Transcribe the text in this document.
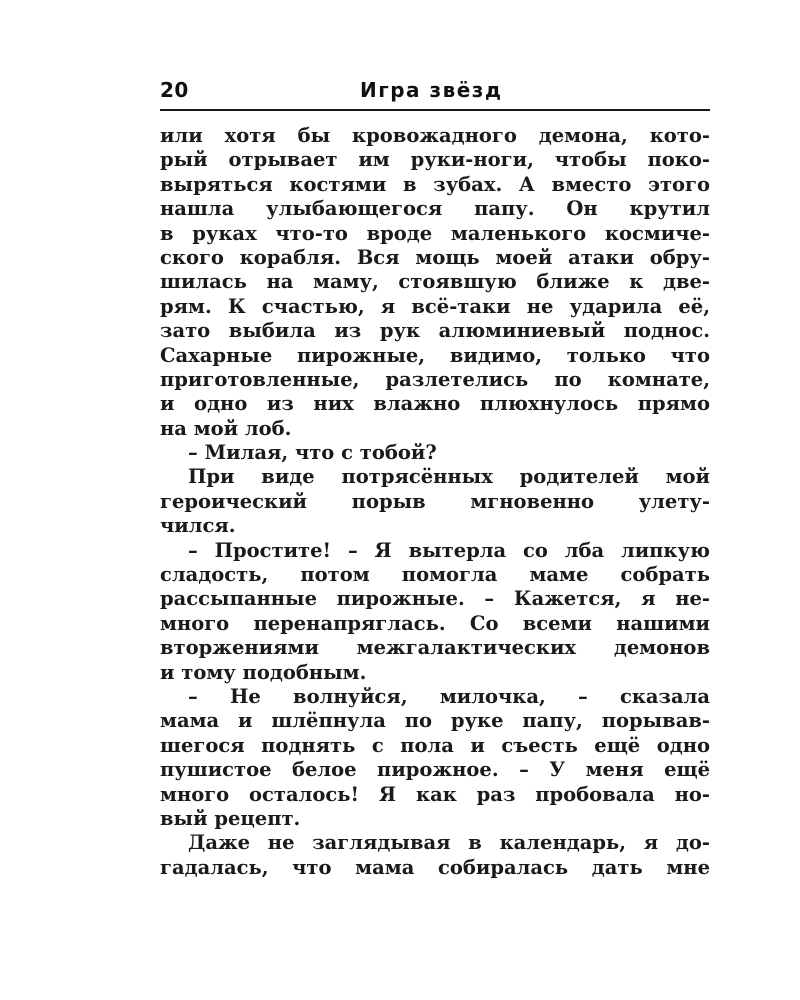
20	Игра звёзд
или хотя бы кровожадного демона, кото-
рый отрывает им руки-ноги, чтобы поко-
выряться костями в зубах. А вместо этого
нашла улыбающегося папу. Он крутил
в руках что-то вроде маленького космиче-
ского корабля. Вся мощь моей атаки обру-
шилась на маму, стоявшую ближе к две-
рям. К счастью, я всё-таки не ударила её,
зато выбила из рук алюминиевый поднос.
Сахарные пирожные, видимо, только что
приготовленные, разлетелись по комнате,
и одно из них влажно плюхнулось прямо
на мой лоб.
– Милая, что с тобой?
При виде потрясённых родителей мой
героический порыв мгновенно улету-
чился.
– Простите! – Я вытерла со лба липкую
сладость, потом помогла маме собрать
рассыпанные пирожные. – Кажется, я не-
много перенапряглась. Со всеми нашими
вторжениями межгалактических демонов
и тому подобным.
– Не волнуйся, милочка, – сказала
мама и шлёпнула по руке папу, порывав-
шегося поднять с пола и съесть ещё одно
пушистое белое пирожное. – У меня ещё
много осталось! Я как раз пробовала но-
вый рецепт.
Даже не заглядывая в календарь, я до-
гадалась, что мама собиралась дать мне
